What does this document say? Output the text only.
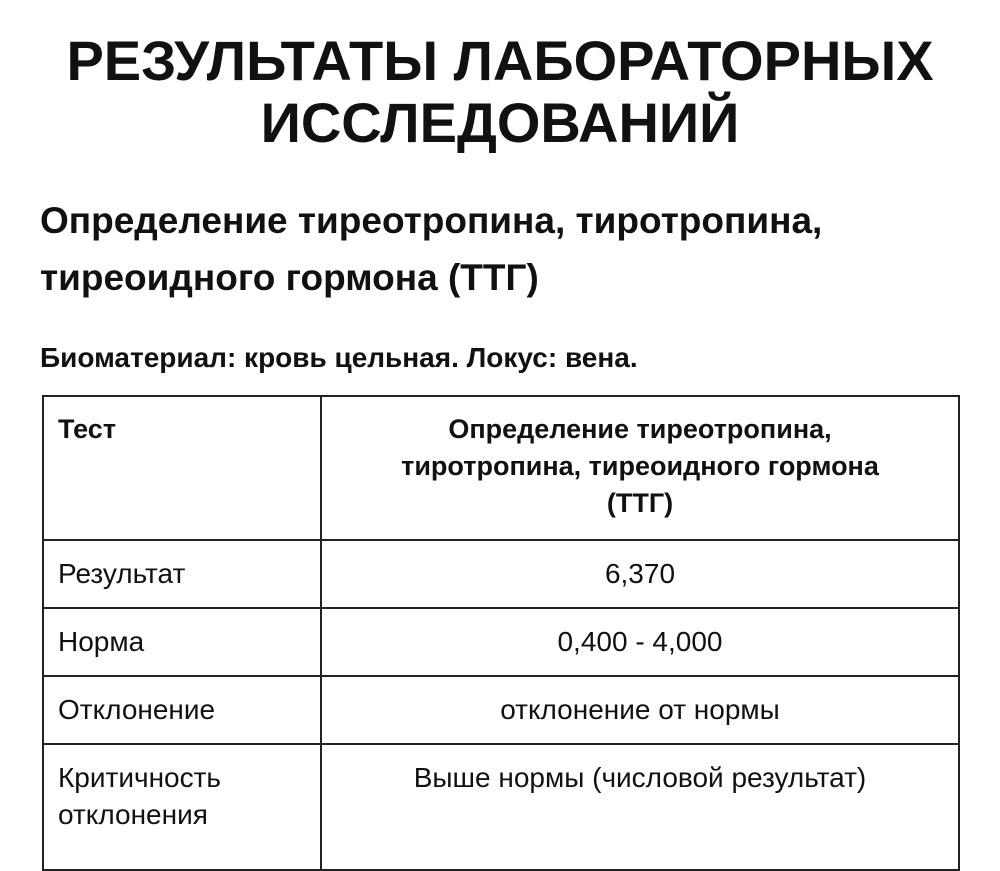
РЕЗУЛЬТАТЫ ЛАБОРАТОРНЫХ
ИССЛЕДОВАНИЙ
Определение тиреотропина, тиротропина,
тиреоидного гормона (ТТГ)

Биоматериал: кровь цельная. Локус: вена.

Тест	Определение тиреотропина,
тиротропина, тиреоидного гормона
(ТТГ)

Результат	6,370
Норма	0,400 - 4,000
Отклонение	отклонение от нормы
Критичность отклонения	Выше нормы (числовой результат)
